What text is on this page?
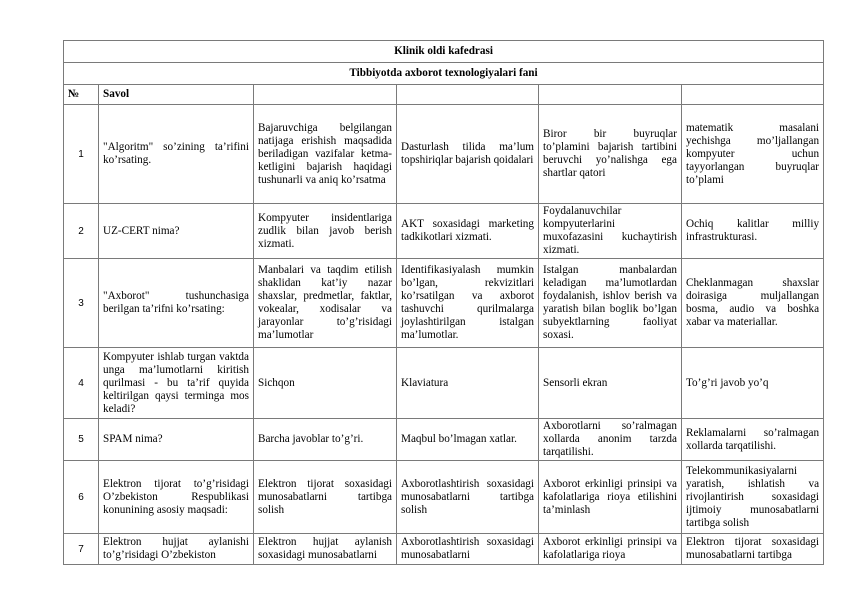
Klinik oldi kafedrasi					
Tibbiyotda axborot texnologiyalari fani					
№	Savol				
1	"Algoritm" so’zining ta’rifini ko’rsating.	Bajaruvchiga belgilangan natijaga erishish maqsadida beriladigan vazifalar ketma-ketligini bajarish haqidagi tushunarli va aniq ko’rsatma	Dasturlash tilida ma’lum topshiriqlar bajarish qoidalari	Biror bir buyruqlar to’plamini bajarish tartibini beruvchi yo’nalishga ega shartlar qatori	matematik masalani yechishga mo’ljallangan kompyuter uchun tayyorlangan buyruqlar to’plami
2	UZ-CERT nima?	Kompyuter insidentlariga zudlik bilan javob berish xizmati.	AKT soxasidagi marketing tadkikotlari xizmati.	Foydalanuvchilar kompyuterlarini muxofazasini kuchaytirish xizmati.	Ochiq kalitlar milliy infrastrukturasi.
3	"Axborot" tushunchasiga berilgan ta’rifni ko’rsating:	Manbalari va taqdim etilish shaklidan kat’iy nazar shaxslar, predmetlar, faktlar, vokealar, xodisalar va jarayonlar to’g’risidagi ma’lumotlar	Identifikasiyalash mumkin bo’lgan, rekvizitlari ko’rsatilgan va axborot tashuvchi qurilmalarga joylashtirilgan istalgan ma’lumotlar.	Istalgan manbalardan keladigan ma’lumotlardan foydalanish, ishlov berish va yaratish bilan boglik bo’lgan subyektlarning faoliyat soxasi.	Cheklanmagan shaxslar doirasiga muljallangan bosma, audio va boshka xabar va materiallar.
4	Kompyuter ishlab turgan vaktda unga ma’lumotlarni kiritish qurilmasi - bu ta’rif quyida keltirilgan qaysi terminga mos keladi?	Sichqon	Klaviatura	Sensorli ekran	To’g’ri javob yo’q
5	SPAM nima?	Barcha javoblar to’g’ri.	Maqbul bo’lmagan xatlar.	Axborotlarni so’ralmagan xollarda anonim tarzda tarqatilishi.	Reklamalarni so’ralmagan xollarda tarqatilishi.
6	Elektron tijorat to’g’risidagi O’zbekiston Respublikasi konunining asosiy maqsadi:	Elektron tijorat soxasidagi munosabatlarni tartibga solish	Axborotlashtirish soxasidagi munosabatlarni tartibga solish	Axborot erkinligi prinsipi va kafolatlariga rioya etilishini ta’minlash	Telekommunikasiyalarni yaratish, ishlatish va rivojlantirish soxasidagi ijtimoiy munosabatlarni tartibga solish
7	Elektron hujjat aylanishi to’g’risidagi O’zbekiston	Elektron hujjat aylanish soxasidagi munosabatlarni	Axborotlashtirish soxasidagi munosabatlarni	Axborot erkinligi prinsipi va kafolatlariga rioya	Elektron tijorat soxasidagi munosabatlarni tartibga
